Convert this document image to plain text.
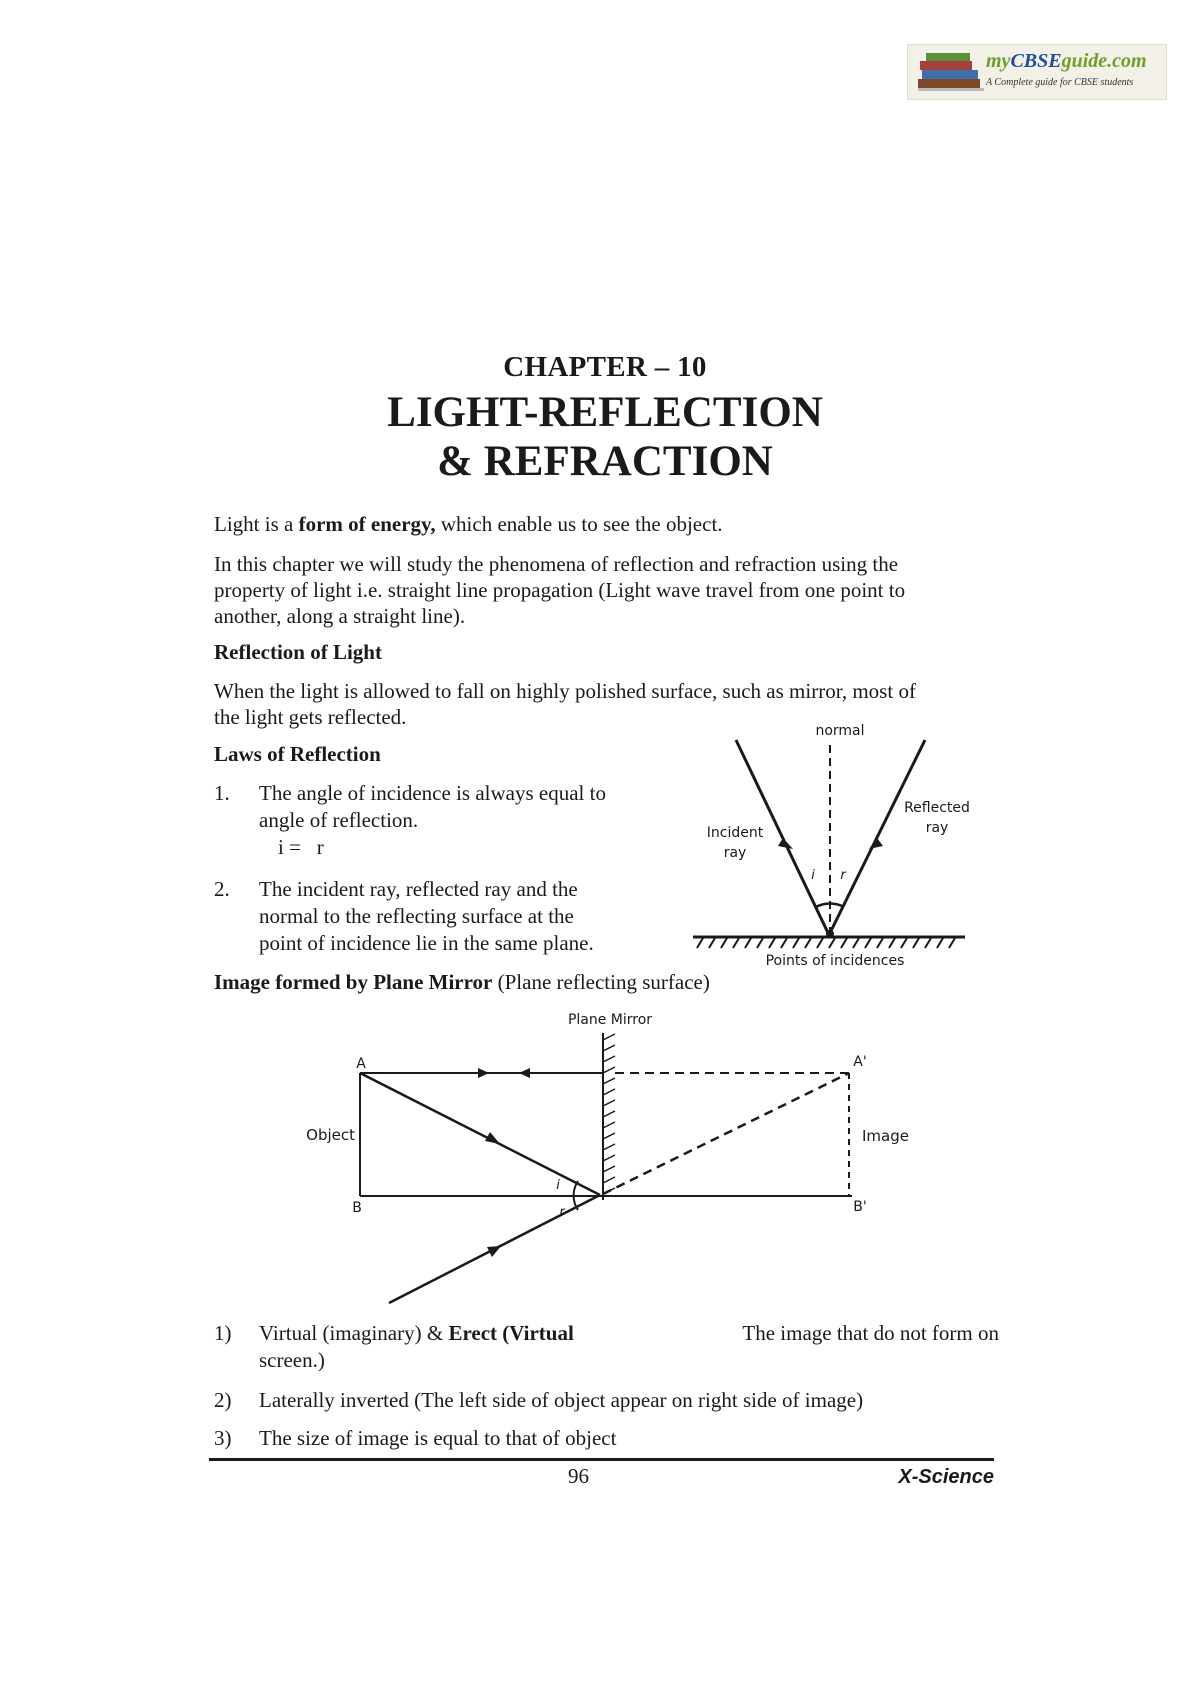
myCBSEguide.com
A Complete guide for CBSE students
CHAPTER – 10
LIGHT-REFLECTION
& REFRACTION
Light is a form of energy, which enable us to see the object.
In this chapter we will study the phenomena of reflection and refraction using the
property of light i.e. straight line propagation (Light wave travel from one point to
another, along a straight line).
Reflection of Light
When the light is allowed to fall on highly polished surface, such as mirror, most of
the light gets reflected.
Laws of Reflection
1. The angle of incidence is always equal to
angle of reflection.
i = r
2. The incident ray, reflected ray and the
normal to the reflecting surface at the
point of incidence lie in the same plane.
normal
Incident
ray
Reflected
ray
i r
Points of incidences
Image formed by Plane Mirror (Plane reflecting surface)
Plane Mirror
A	A'
B	B'
Object	Image
i
r
1) Virtual (imaginary) & Erect (Virtual	The image that do not form on
screen.)
2) Laterally inverted (The left side of object appear on right side of image)
3) The size of image is equal to that of object
96	X-Science
